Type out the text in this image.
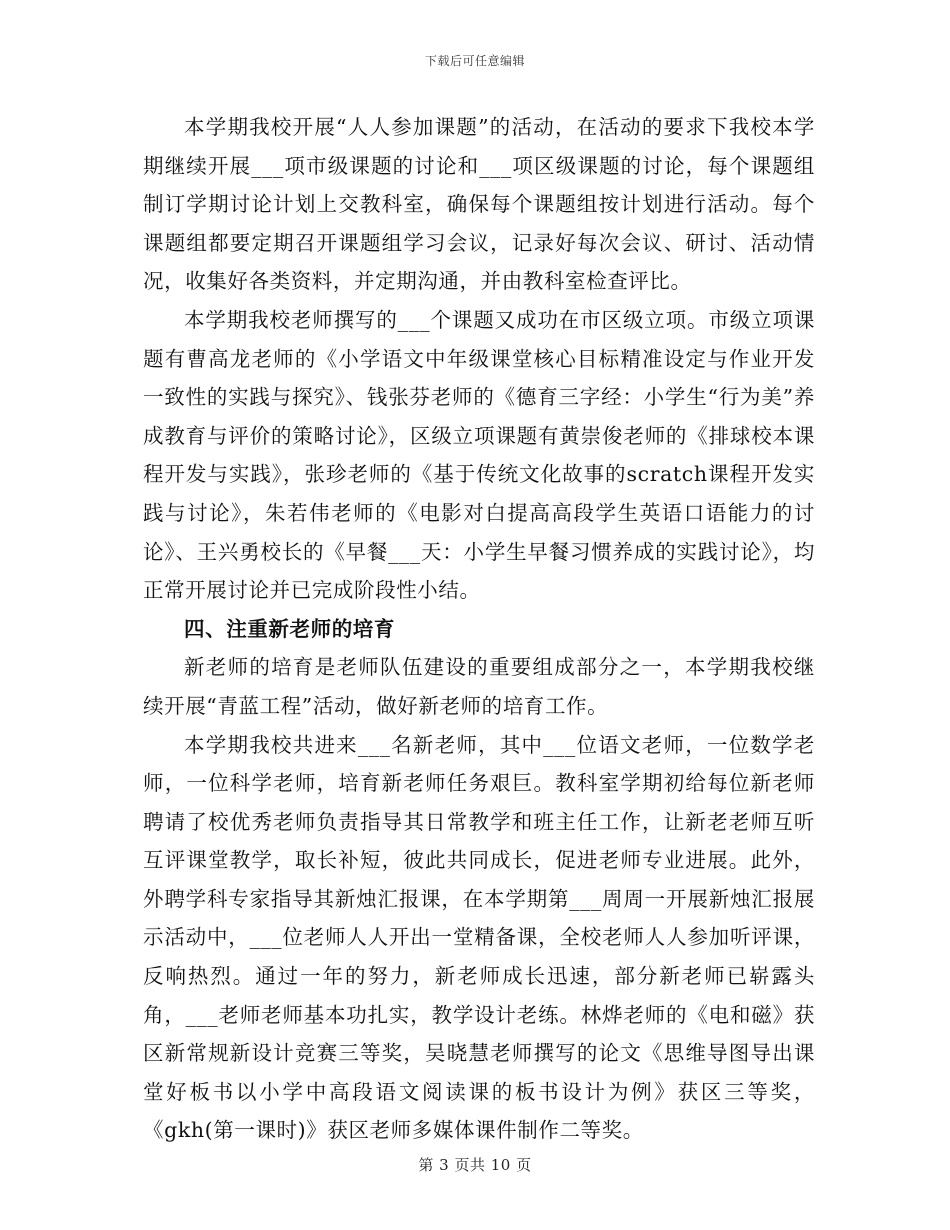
下载后可任意编辑

本学期我校开展“人人参加课题”的活动，在活动的要求下我校本学期继续开展___项市级课题的讨论和___项区级课题的讨论，每个课题组制订学期讨论计划上交教科室，确保每个课题组按计划进行活动。每个课题组都要定期召开课题组学习会议，记录好每次会议、研讨、活动情况，收集好各类资料，并定期沟通，并由教科室检查评比。

本学期我校老师撰写的___个课题又成功在市区级立项。市级立项课题有曹高龙老师的《小学语文中年级课堂核心目标精准设定与作业开发一致性的实践与探究》、钱张芬老师的《德育三字经：小学生“行为美”养成教育与评价的策略讨论》，区级立项课题有黄崇俊老师的《排球校本课程开发与实践》，张珍老师的《基于传统文化故事的scratch课程开发实践与讨论》，朱若伟老师的《电影对白提高高段学生英语口语能力的讨论》、王兴勇校长的《早餐___天：小学生早餐习惯养成的实践讨论》，均正常开展讨论并已完成阶段性小结。

四、注重新老师的培育

新老师的培育是老师队伍建设的重要组成部分之一，本学期我校继续开展“青蓝工程”活动，做好新老师的培育工作。

本学期我校共进来___名新老师，其中___位语文老师，一位数学老师，一位科学老师，培育新老师任务艰巨。教科室学期初给每位新老师聘请了校优秀老师负责指导其日常教学和班主任工作，让新老老师互听互评课堂教学，取长补短，彼此共同成长，促进老师专业进展。此外，外聘学科专家指导其新烛汇报课，在本学期第___周周一开展新烛汇报展示活动中，___位老师人人开出一堂精备课，全校老师人人参加听评课，反响热烈。通过一年的努力，新老师成长迅速，部分新老师已崭露头角，___老师老师基本功扎实，教学设计老练。林烨老师的《电和磁》获区新常规新设计竞赛三等奖，吴晓慧老师撰写的论文《思维导图导出课堂好板书以小学中高段语文阅读课的板书设计为例》获区三等奖，《gkh(第一课时)》获区老师多媒体课件制作二等奖。

第 3 页共 10 页
